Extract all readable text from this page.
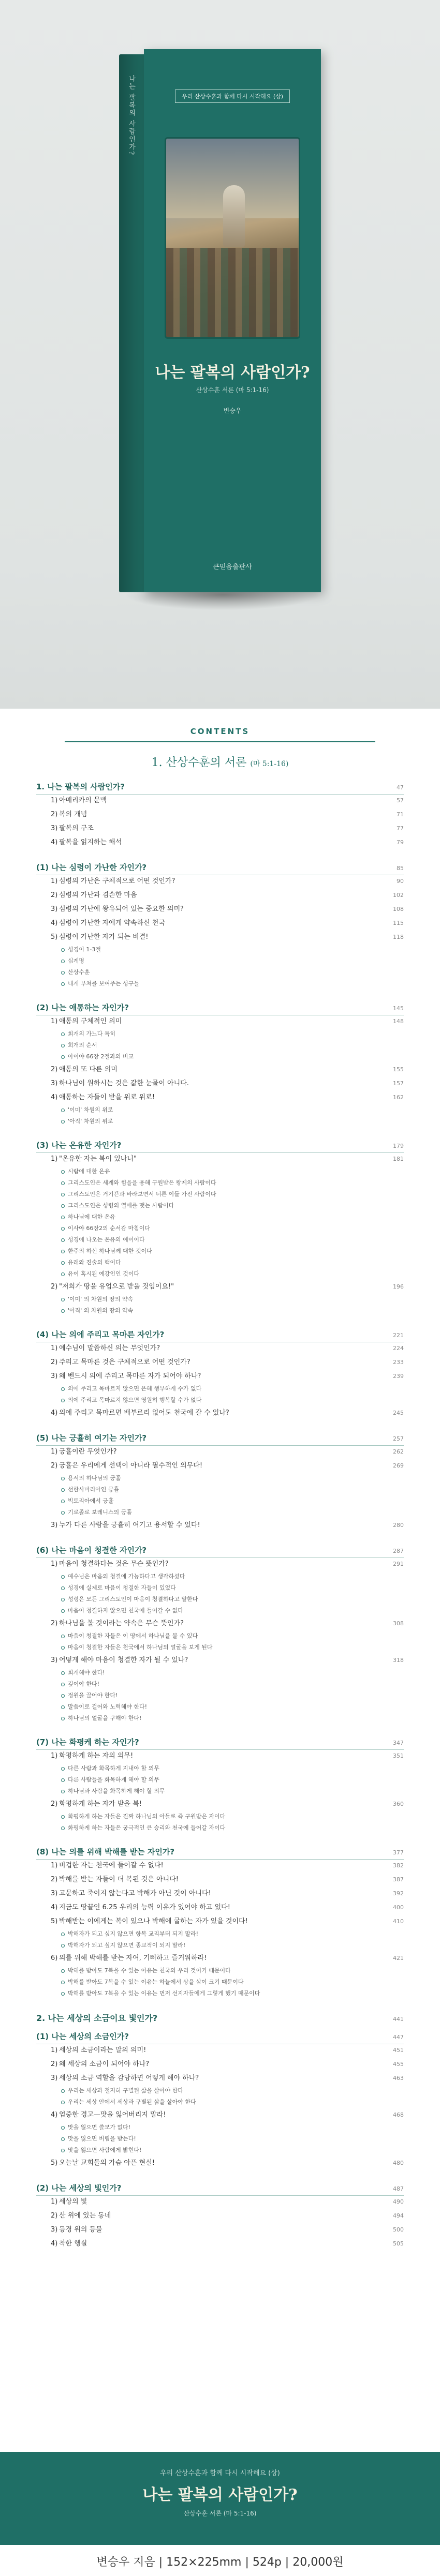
나는 팔복의 사람인가?	우리 산상수훈과 함께 다시 시작해요 (상)
나는 팔복의 사람인가?
산상수훈 서론 (마 5:1-16)
변승우
큰믿음출판사
CONTENTS
1. 산상수훈의 서론 (마 5:1-16)
1. 나는 팔복의 사람인가?	47
1) 아메리카의 문맥	57
2) 복의 개념	71
3) 팔복의 구조	77
4) 팔복을 읽지하는 해석	79
(1) 나는 심령이 가난한 자인가?	85
1) 심령의 가난은 구체적으로 어떤 것인가?	90
2) 심령의 가난과 겸손한 마음	102
3) 심령의 가난에 왕유되어 있는 중요한 의미?	108
4) 심령이 가난한 자에게 약속하신 천국	115
5) 심령이 가난한 자가 되는 비결!	118
성경이 1-3절
십계명
산상수훈
내게 부쳐를 보여주는 성구들
(2) 나는 애통하는 자인가?	145
1) 애통의 구체적인 의미	148
회개의 가느다 특히
회개의 순서
아이야 66장 2절과의 비교
2) 애통의 또 다른 의미	155
3) 하나님이 원하시는 것은 값한 눈물이 아니다.	157
4) 애통하는 자들이 받을 위로 위로!	162
'이미' 차원의 위로
'아직' 차원의 위로
(3) 나는 온유한 자인가?	179
1) "온유한 자는 복이 있나니"	181
시람에 대한 온유
그리스도인은 세계와 힘을을 용해 구원받은 왕제의 사람이다
그리스도인은 거기끈과 바라보면서 너른 이들 가진 사람이다
그리스도인은 성령의 열매를 맺는 사람이다
하나님에 대한 온유
이사야 66장2의 순서감 마침이다
성경에 나오는 온유의 예이이다
한주의 하신 하나님께 대한 것이다
유래와 진술의 핵이다
유이 혹시된 예강인인 것이다
2) "저희가 땅을 유업으로 받을 것임이요!"	196
'이미' 의 차원의 땅의 약속
'아직' 의 차원의 땅의 약속
(4) 나는 의에 주리고 목마른 자인가?	221
1) 예수님이 말씀하신 의는 무엇인가?	224
2) 주리고 목마른 것은 구체적으로 어떤 것인가?	233
3) 왜 벤드시 의에 주리고 목마른 자가 되어야 하나?	239
의에 주리고 목마르지 않으면 은혜 행부하게 수가 없다
의에 주리고 목마르지 않으면 영원히 행복할 수가 없다
4) 의에 주리고 목마르면 배부르리 없어도 천국에 갈 수 있나?	245
(5) 나는 긍휼히 여기는 자인가?	257
1) 긍휼이란 무엇인가?	262
2) 긍휼은 우리에게 선택이 아니라 필수적인 의무다!	269
용서의 하나님의 긍휼
선한사마리아인 긍휼
빅토리아에서 긍휼
기로졸로 보레니스의 긍휼
3) 누가 다른 사람을 긍휼히 여기고 용서할 수 있다!	280
(6) 나는 마음이 청결한 자인가?	287
1) 마음이 청결하다는 것은 무슨 뜻인가?	291
예수님은 마음의 청결에 가능하다고 생각하셨다
성경에 실제로 마음이 청결한 자들이 있었다
성령은 모든 그리스도인이 마음이 청결하다고 말한다
마음이 청결하지 않으면 천국에 들어갈 수 없다
2) 하나님을 볼 것이라는 약속은 무슨 뜻인가?	308
마음이 청결한 자들은 이 땅에서 하나님을 볼 수 있다
마음이 청결한 자들은 천국에서 하나님의 얼굴을 보게 된다
3) 어떻게 해야 마음이 청결한 자가 될 수 있나?	318
회개해야 한다!
깊이야 한다!
정원을 끌어야 한다!
말씀이로 걸어와 노력해야 한다!
하나님의 얼굴을 구해야 한다!
(7) 나는 화평케 하는 자인가?	347
1) 화평하게 하는 자의 의무!	351
다른 사람과 화목하게 지내야 할 의무
다른 사람들을 화목하게 해야 할 의무
하나님과 사람을 화목하게 해야 할 의무
2) 화평하게 하는 자가 받을 복!	360
화평하게 하는 자들은 진짜 하나님의 아들로 즉 구원받은 자이다
화평하게 하는 자들은 궁극적인 큰 승리와 천국에 들어갈 자이다
(8) 나는 의를 위해 박해를 받는 자인가?	377
1) 비겁한 자는 천국에 들어갈 수 없다!	382
2) 박해를 받는 자들이 더 복된 것은 아니다!	387
3) 고문하고 죽이지 않는다고 박해가 아닌 것이 아니다!	392
4) 지금도 땅끝인 6.25 우리의 능력 이유가 있어야 하고 있다!	400
5) 박해받는 이에게는 복이 있으나 박해에 굴하는 자가 있을 것이다!	410
박해자가 되고 싶지 않으면 항복 교리부터 되지 말라!
박해자가 되고 싶지 않으면 종교적이 되지 말라!
6) 의를 위해 박해를 받는 자여, 기뻐하고 즐거워하라!	421
박해를 받아도 7복을 수 있는 이유는 천국의 우리 것이기 때문이다
박해를 받아도 7복을 수 있는 이유는 하늘에서 상을 삼이 크기 때문이다
박해를 받아도 7복을 수 있는 이유는 먼저 선지자들에게 그렇게 했기 때문이다
2. 나는 세상의 소금이요 빛인가?	441
(1) 나는 세상의 소금인가?	447
1) 세상의 소금이라는 말의 의미!	451
2) 왜 세상의 소금이 되어야 하나?	455
3) 세상의 소금 역할을 감당하면 어떻게 해야 하나?	463
우리는 세상과 철저히 구별된 삶을 살아야 한다
우리는 세상 안에서 세상과 구별된 삶을 살아야 한다
4) 엄중한 경고—맛을 잃어버리지 말라!	468
맛을 잃으면 쓸모가 없다!
맛을 잃으면 버림을 받는다!
맛을 잃으면 사람에게 밟힌다!
5) 오늘날 교회들의 가슴 아픈 현실!	480
(2) 나는 세상의 빛인가?	487
1) 세상의 빛	490
2) 산 위에 있는 동네	494
3) 등경 위의 등불	500
4) 착한 행실	505
우리 산상수훈과 함께 다시 시작해요 (상)
나는 팔복의 사람인가?
산상수훈 서론 (마 5:1-16)
변승우 지음 | 152×225mm | 524p | 20,000원
